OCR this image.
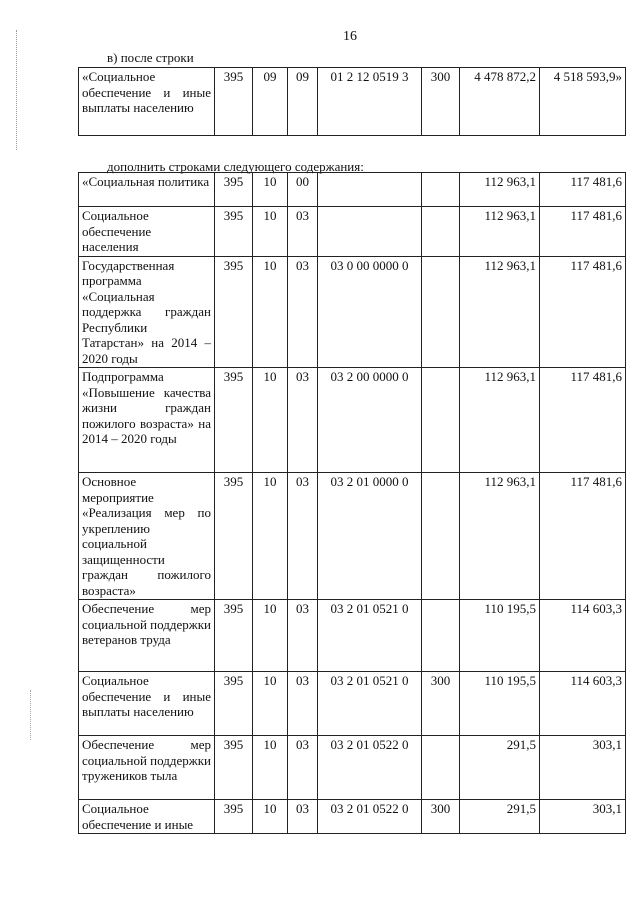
16
в) после строки
дополнить строками следующего содержания:
«Социальное обеспечение и иные выплаты населению	395	09	09	01 2 12 0519 3	300	4 478 872,2	4 518 593,9»
«Социальная политика	395	10	00			112 963,1	117 481,6
Социальное обеспечение населения	395	10	03			112 963,1	117 481,6
Государственная программа «Социальная поддержка граждан Республики Татарстан» на 2014 – 2020 годы	395	10	03	03 0 00 0000 0		112 963,1	117 481,6
Подпрограмма «Повышение качества жизни граждан пожилого возраста» на 2014 – 2020 годы	395	10	03	03 2 00 0000 0		112 963,1	117 481,6
Основное мероприятие «Реализация мер по укреплению социальной защищенности граждан пожилого возраста»	395	10	03	03 2 01 0000 0		112 963,1	117 481,6
Обеспечение мер социальной поддержки ветеранов труда	395	10	03	03 2 01 0521 0		110 195,5	114 603,3
Социальное обеспечение и иные выплаты населению	395	10	03	03 2 01 0521 0	300	110 195,5	114 603,3
Обеспечение мер социальной поддержки тружеников тыла	395	10	03	03 2 01 0522 0		291,5	303,1
Социальное обеспечение и иные	395	10	03	03 2 01 0522 0	300	291,5	303,1
